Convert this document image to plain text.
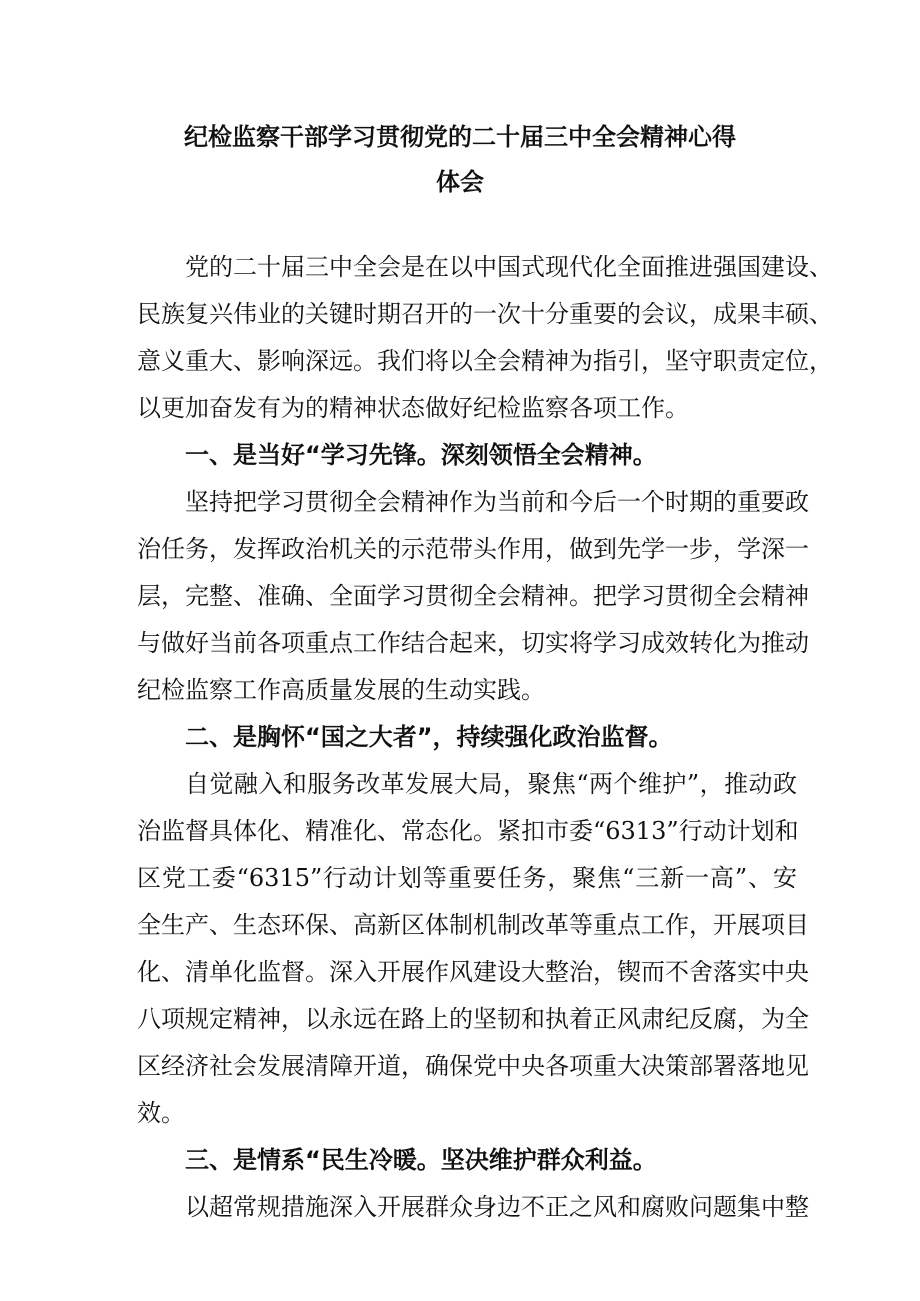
纪检监察干部学习贯彻党的二十届三中全会精神心得
体会
党的二十届三中全会是在以中国式现代化全面推进强国建设、
民族复兴伟业的关键时期召开的一次十分重要的会议，成果丰硕、
意义重大、影响深远。我们将以全会精神为指引，坚守职责定位，
以更加奋发有为的精神状态做好纪检监察各项工作。
一、是当好“学习先锋。深刻领悟全会精神。
坚持把学习贯彻全会精神作为当前和今后一个时期的重要政
治任务，发挥政治机关的示范带头作用，做到先学一步，学深一
层，完整、准确、全面学习贯彻全会精神。把学习贯彻全会精神
与做好当前各项重点工作结合起来，切实将学习成效转化为推动
纪检监察工作高质量发展的生动实践。
二、是胸怀“国之大者”，持续强化政治监督。
自觉融入和服务改革发展大局，聚焦“两个维护”，推动政
治监督具体化、精准化、常态化。紧扣市委“6313”行动计划和
区党工委“6315”行动计划等重要任务，聚焦“三新一高”、安
全生产、生态环保、高新区体制机制改革等重点工作，开展项目
化、清单化监督。深入开展作风建设大整治，锲而不舍落实中央
八项规定精神，以永远在路上的坚韧和执着正风肃纪反腐，为全
区经济社会发展清障开道，确保党中央各项重大决策部署落地见
效。
三、是情系“民生冷暖。坚决维护群众利益。
以超常规措施深入开展群众身边不正之风和腐败问题集中整
